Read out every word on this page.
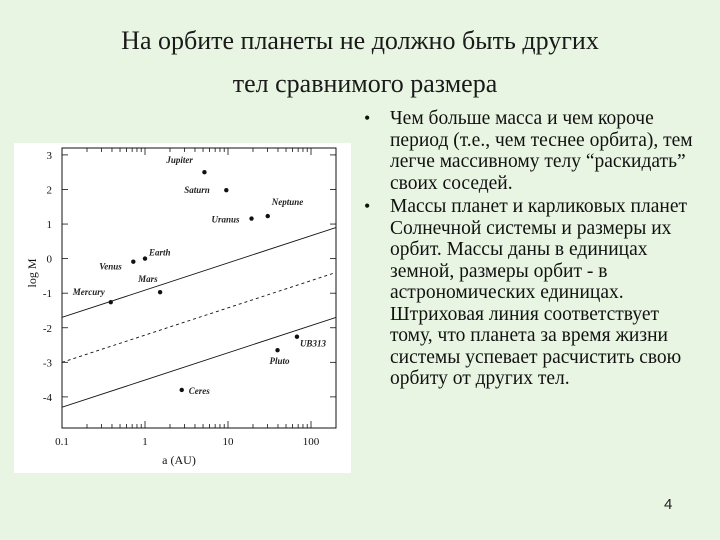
На орбите планеты не должно быть других
тел сравнимого размера
3
2
1
0
-1
-2
-3
-4
0.1	1	10	100
a (AU)
log M
Mercury
Venus
Earth
Mars
Ceres
Jupiter
Saturn
Uranus
Neptune
Pluto
UB313
• Чем больше масса и чем короче период (т.е., чем теснее орбита), тем легче массивному телу “раскидать” своих соседей.
• Массы планет и карликовых планет Солнечной системы и размеры их орбит. Массы даны в единицах земной, размеры орбит - в астрономических единицах. Штриховая линия соответствует тому, что планета за время жизни системы успевает расчистить свою орбиту от других тел.
4
